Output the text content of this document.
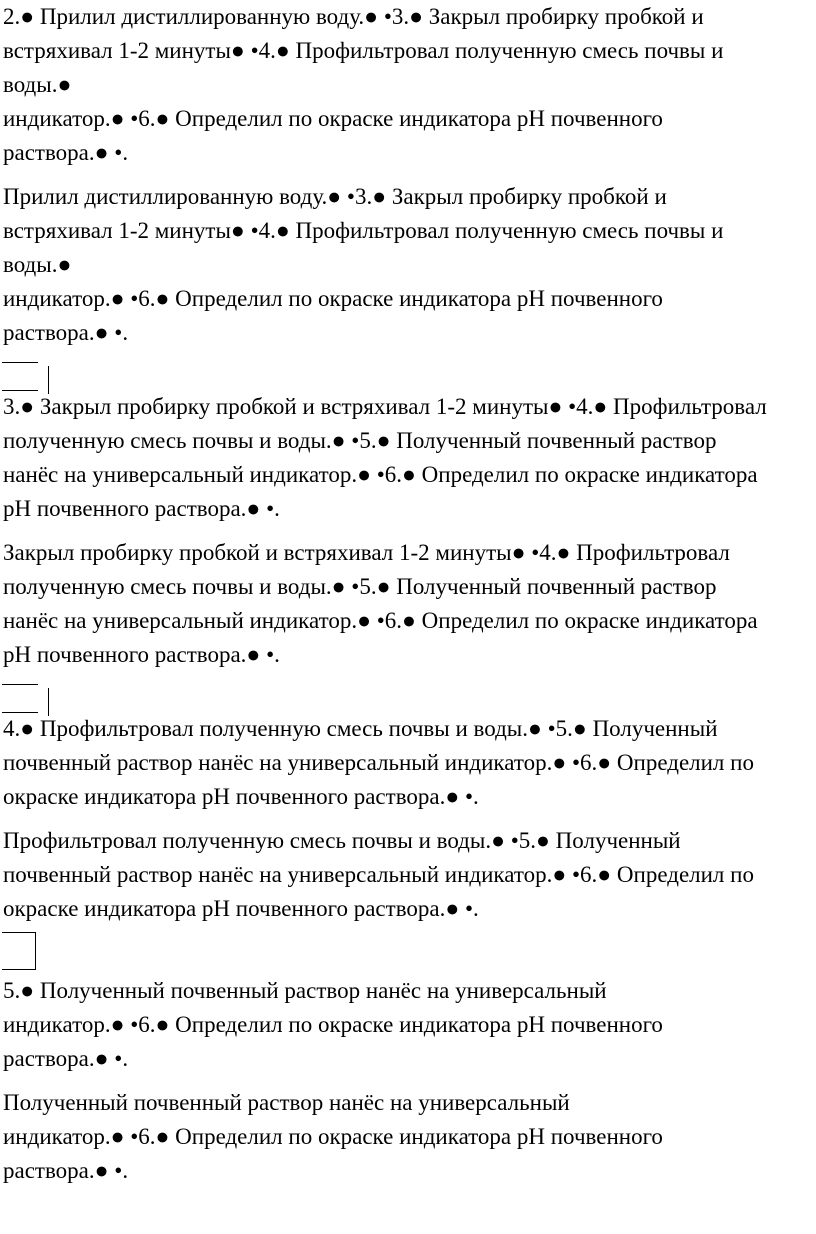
2.● Прилил дистиллированную воду.● •3.● Закрыл пробирку пробкой и
встряхивал 1-2 минуты● •4.● Профильтровал полученную смесь почвы и
воды.●
индикатор.● •6.● Определил по окраске индикатора pH почвенного
раствора.● •.

Прилил дистиллированную воду.● •3.● Закрыл пробирку пробкой и
встряхивал 1-2 минуты● •4.● Профильтровал полученную смесь почвы и
воды.●
индикатор.● •6.● Определил по окраске индикатора pH почвенного
раствора.● •.

3.● Закрыл пробирку пробкой и встряхивал 1-2 минуты● •4.● Профильтровал
полученную смесь почвы и воды.● •5.● Полученный почвенный раствор
нанёс на универсальный индикатор.● •6.● Определил по окраске индикатора
pH почвенного раствора.● •.

Закрыл пробирку пробкой и встряхивал 1-2 минуты● •4.● Профильтровал
полученную смесь почвы и воды.● •5.● Полученный почвенный раствор
нанёс на универсальный индикатор.● •6.● Определил по окраске индикатора
pH почвенного раствора.● •.

4.● Профильтровал полученную смесь почвы и воды.● •5.● Полученный
почвенный раствор нанёс на универсальный индикатор.● •6.● Определил по
окраске индикатора pH почвенного раствора.● •.

Профильтровал полученную смесь почвы и воды.● •5.● Полученный
почвенный раствор нанёс на универсальный индикатор.● •6.● Определил по
окраске индикатора pH почвенного раствора.● •.

5.● Полученный почвенный раствор нанёс на универсальный
индикатор.● •6.● Определил по окраске индикатора pH почвенного
раствора.● •.

Полученный почвенный раствор нанёс на универсальный
индикатор.● •6.● Определил по окраске индикатора pH почвенного
раствора.● •.
